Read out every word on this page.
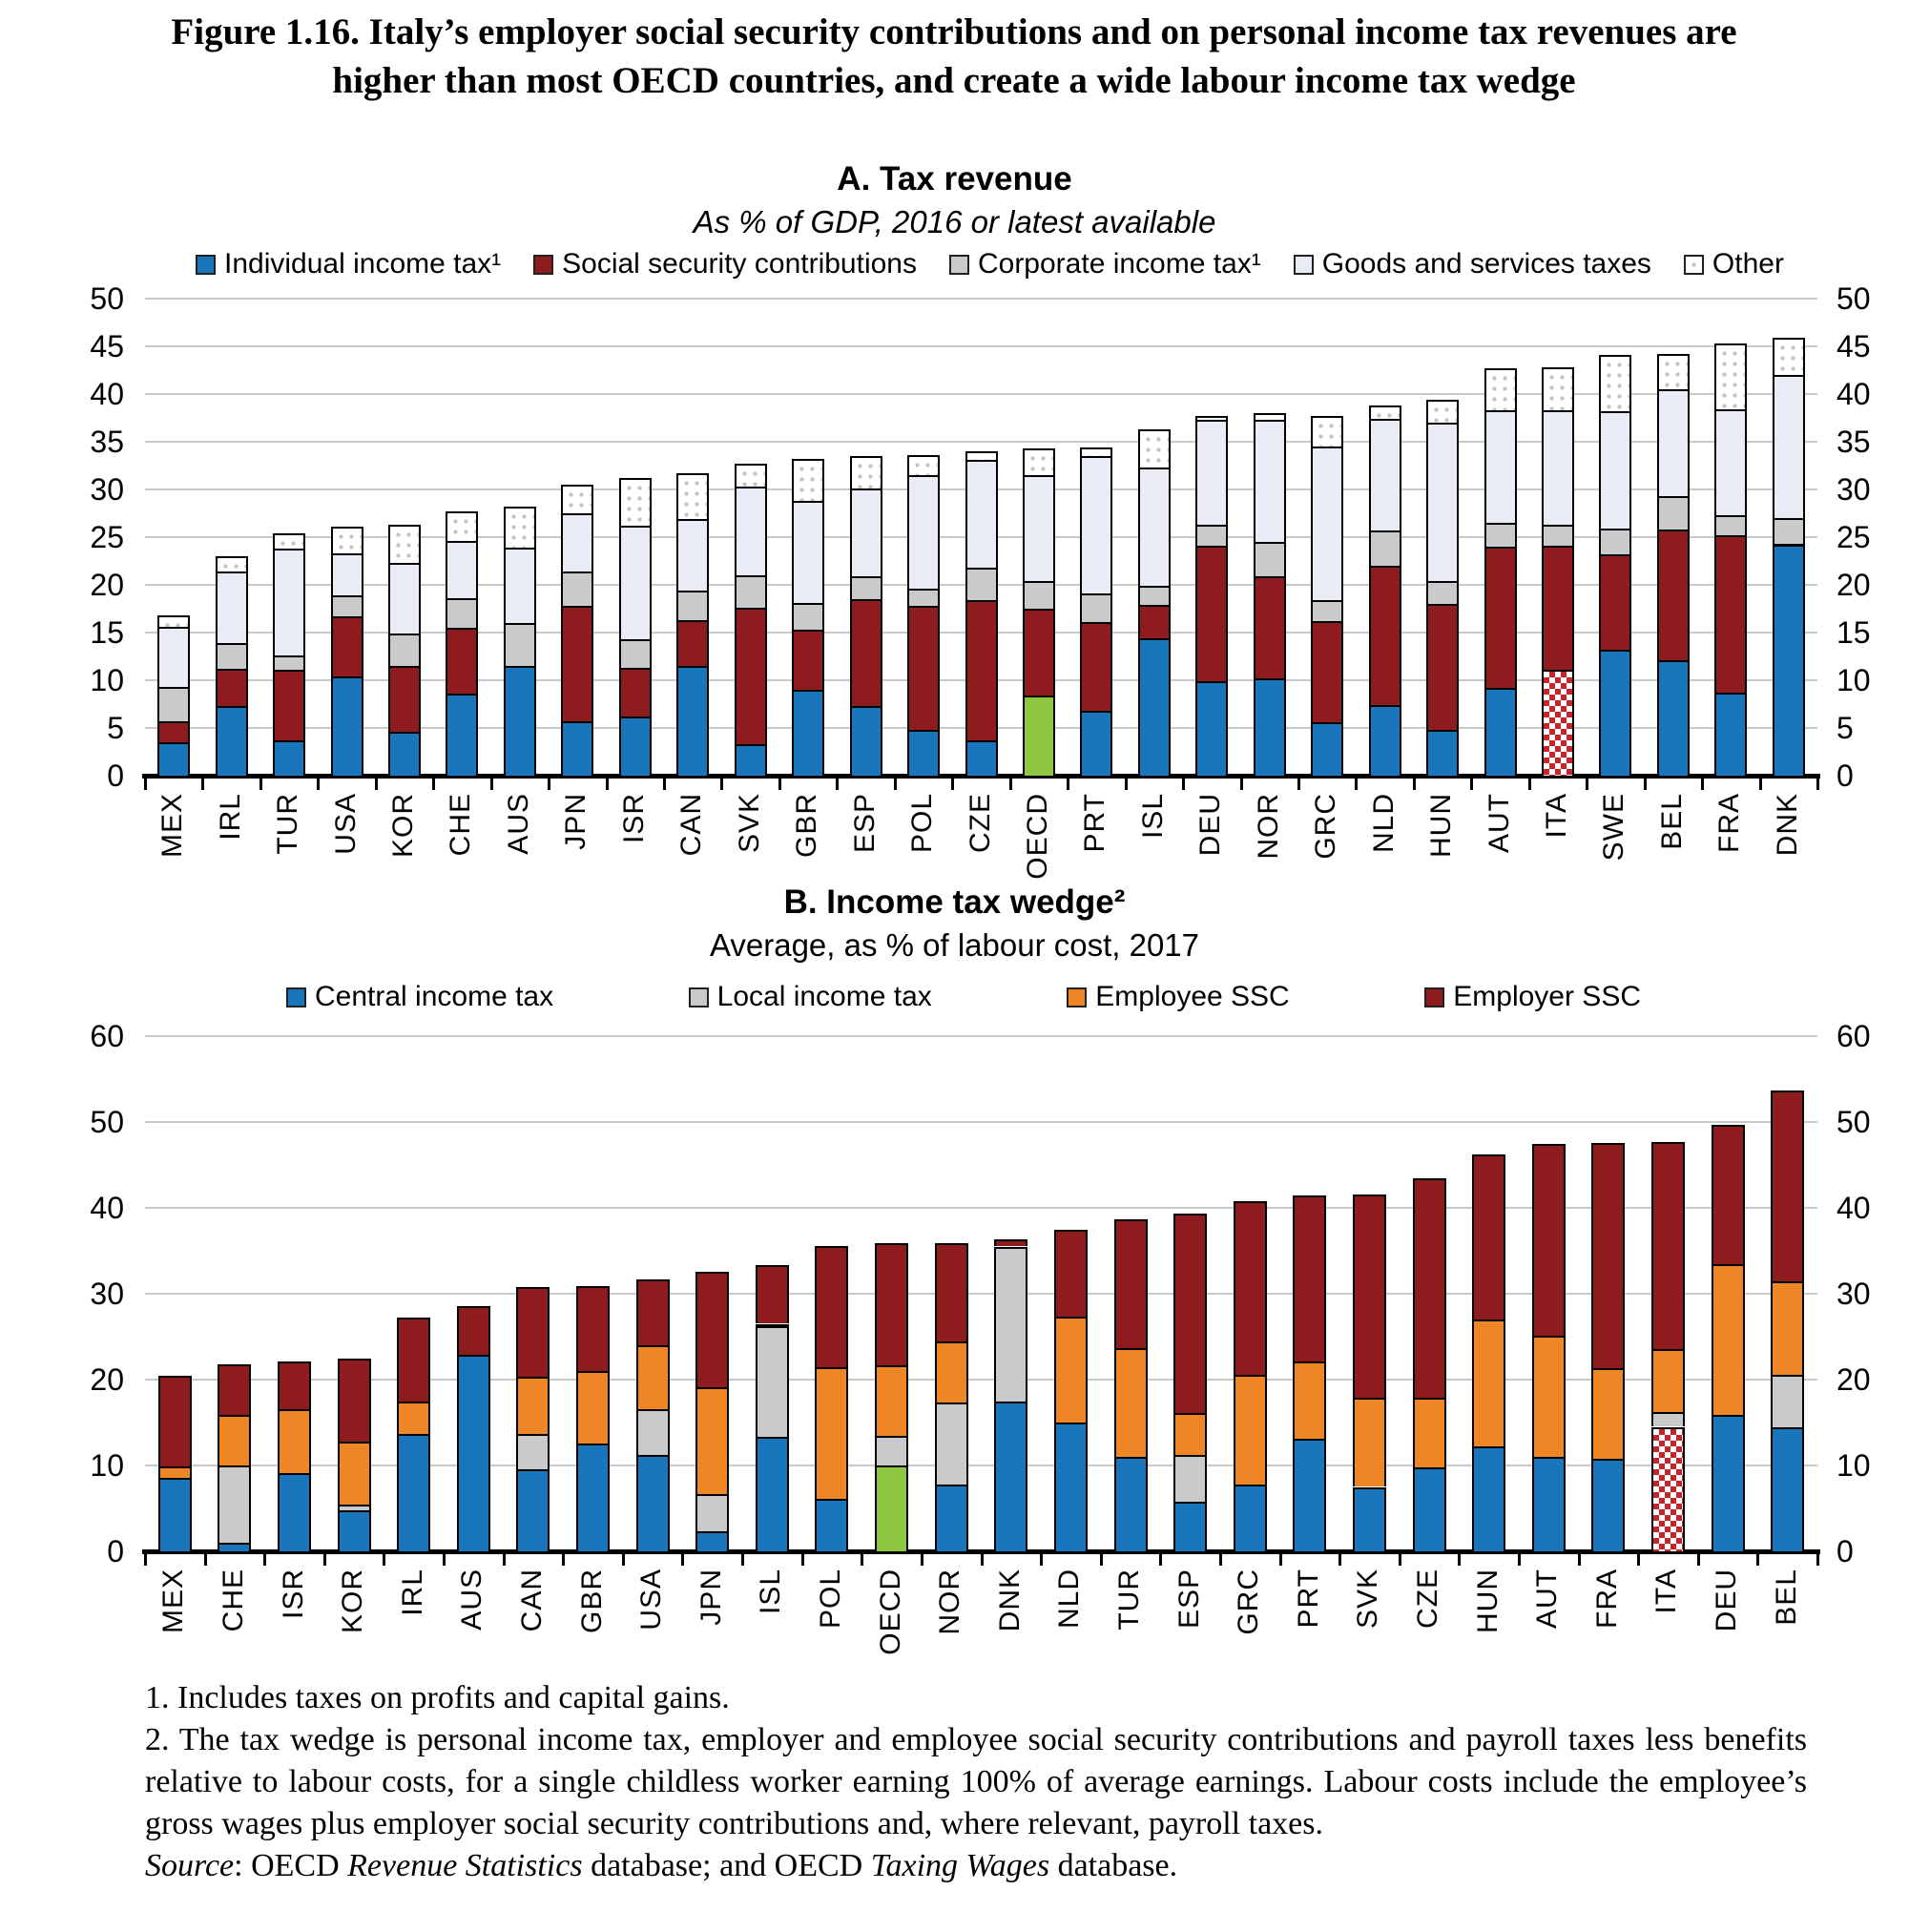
Figure 1.16. Italy’s employer social security contributions and on personal income tax revenues are higher than most OECD countries, and create a wide labour income tax wedge
A. Tax revenue
As % of GDP, 2016 or latest available
Individual income tax¹ Social security contributions Corporate income tax¹ Goods and services taxes Other
0	0
5	5
10	10
15	15
20	20
25	25
30	30
35	35
40	40
45	45
50	50
MEX IRL TUR USA KOR CHE AUS JPN ISR CAN SVK GBR ESP POL CZE OECD PRT ISL DEU NOR GRC NLD HUN AUT ITA SWE BEL FRA DNK
B. Income tax wedge²
Average, as % of labour cost, 2017
Central income tax	Local income tax	Employee SSC	Employer SSC
0	0
10	10
20	20
30	30
40	40
50	50
60	60
MEX CHE ISR KOR IRL AUS CAN GBR USA JPN ISL POL OECD NOR DNK NLD TUR ESP GRC PRT SVK CZE HUN AUT FRA ITA DEU BEL
1. Includes taxes on profits and capital gains.
2. The tax wedge is personal income tax, employer and employee social security contributions and payroll taxes less benefits relative to labour costs, for a single childless worker earning 100% of average earnings. Labour costs include the employee’s gross wages plus employer social security contributions and, where relevant, payroll taxes.
Source: OECD Revenue Statistics database; and OECD Taxing Wages database.
